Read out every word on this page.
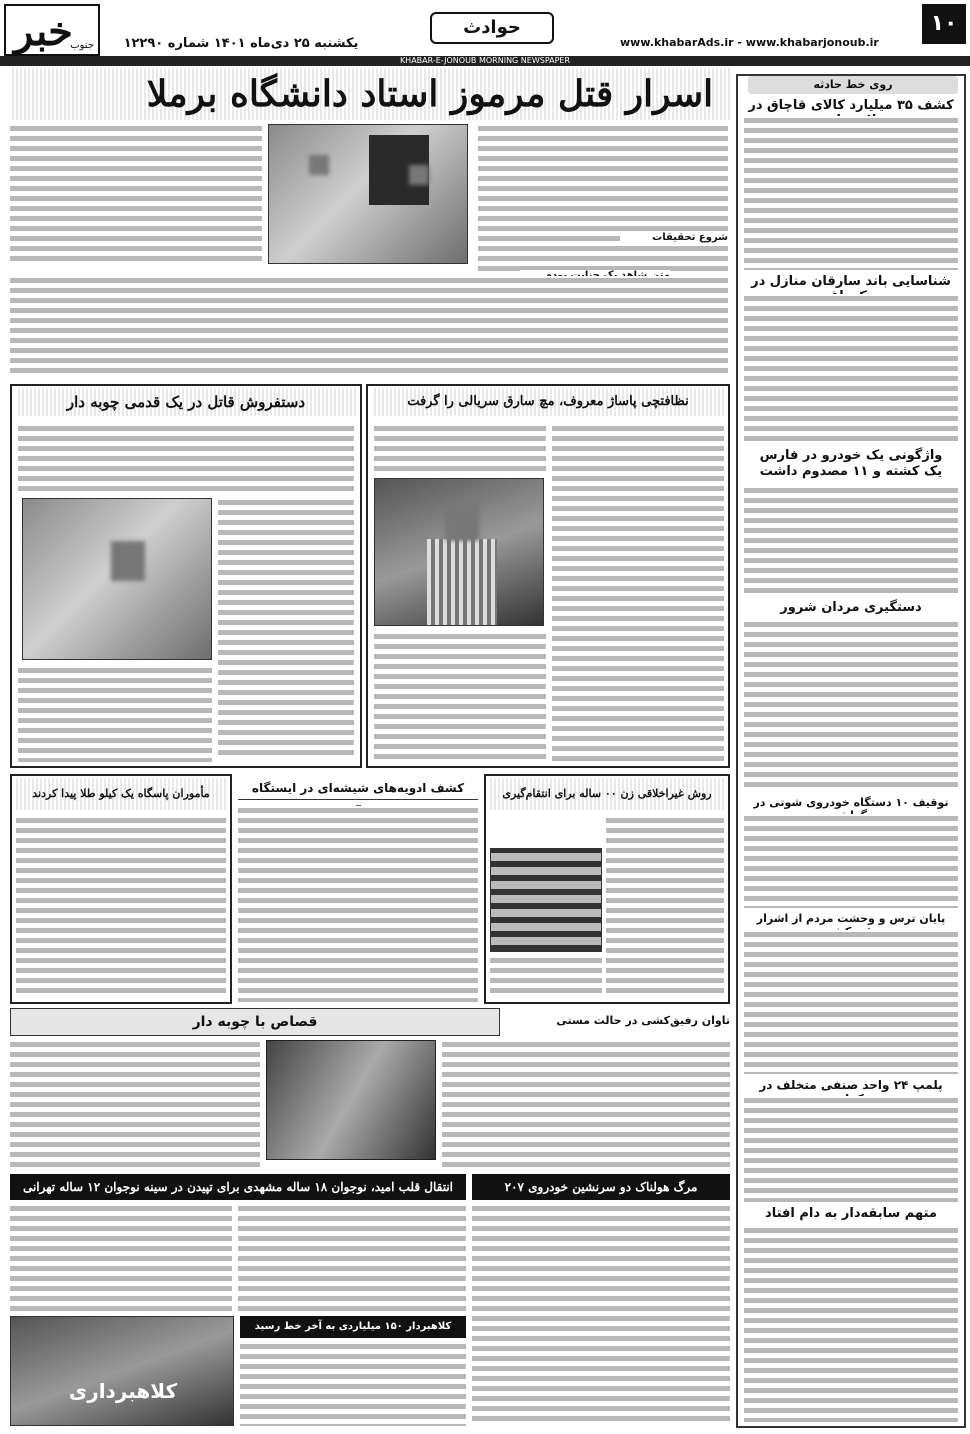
خبر
جنوب	یکشنبه ۲۵ دی‌ماه ۱۴۰۱ شماره ۱۲۲۹۰
حوادث
www.khabarAds.ir - www.khabarjonoub.ir
۱۰
KHABAR-E-JONOUB MORNING NEWSPAPER
اسرار قتل مرموز استاد دانشگاه برملا
شروع تحقیقات
دستفروش قاتل در یک قدمی چوبه دار	نظافتچی پاساژ معروف، مچ سارق سریالی را گرفت
مأموران پاسگاه یک کیلو طلا پیدا کردند	کشف ادویه‌های شیشه‌ای در ایستگاه	روش غیراخلاقی زن ۰۰ ساله برای انتقام‌گیری
تاوان رفیق‌کشی در حالت مستی
قصاص با چوبه دار
انتقال قلب امید، نوجوان ۱۸ ساله مشهدی برای تپیدن در سینه نوجوان ۱۲ ساله تهرانی	مرگ هولناک دو سرنشین خودروی ۲۰۷
کلاهبردار ۱۵۰ میلیاردی به آخر خط رسید
کلاهبرداری
روی خط حادثه
کشف ۳۵ میلیارد کالای قاچاق در
شناسایی باند سارقان منازل در
واژگونی یک خودرو در فارس
یک کشته و ۱۱ مصدوم داشت
دستگیری مردان شرور
توقیف ۱۰ دستگاه خودروی شوتی در
پایان ترس و وحشت مردم از اشرار
پلمپ ۲۴ واحد صنفی متخلف در
متهم سابقه‌دار به دام افتاد
